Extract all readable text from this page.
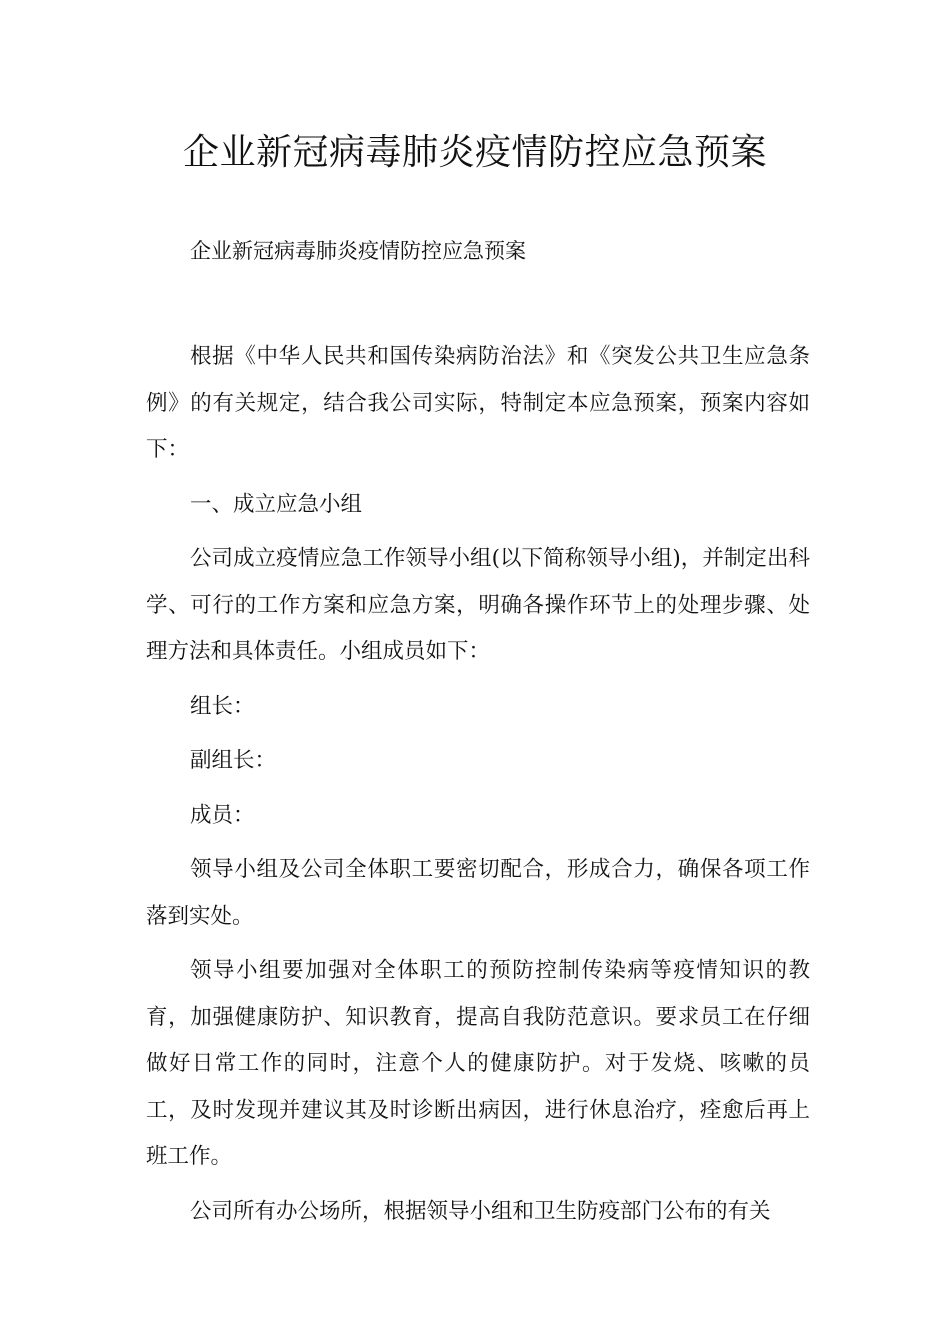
企业新冠病毒肺炎疫情防控应急预案

企业新冠病毒肺炎疫情防控应急预案

根据《中华人民共和国传染病防治法》和《突发公共卫生应急条例》的有关规定，结合我公司实际，特制定本应急预案，预案内容如下：

一、成立应急小组

公司成立疫情应急工作领导小组(以下简称领导小组)，并制定出科学、可行的工作方案和应急方案，明确各操作环节上的处理步骤、处理方法和具体责任。小组成员如下：

组长：

副组长：

成员：

领导小组及公司全体职工要密切配合，形成合力，确保各项工作落到实处。

领导小组要加强对全体职工的预防控制传染病等疫情知识的教育，加强健康防护、知识教育，提高自我防范意识。要求员工在仔细做好日常工作的同时，注意个人的健康防护。对于发烧、咳嗽的员工，及时发现并建议其及时诊断出病因，进行休息治疗，痊愈后再上班工作。

公司所有办公场所，根据领导小组和卫生防疫部门公布的有关
